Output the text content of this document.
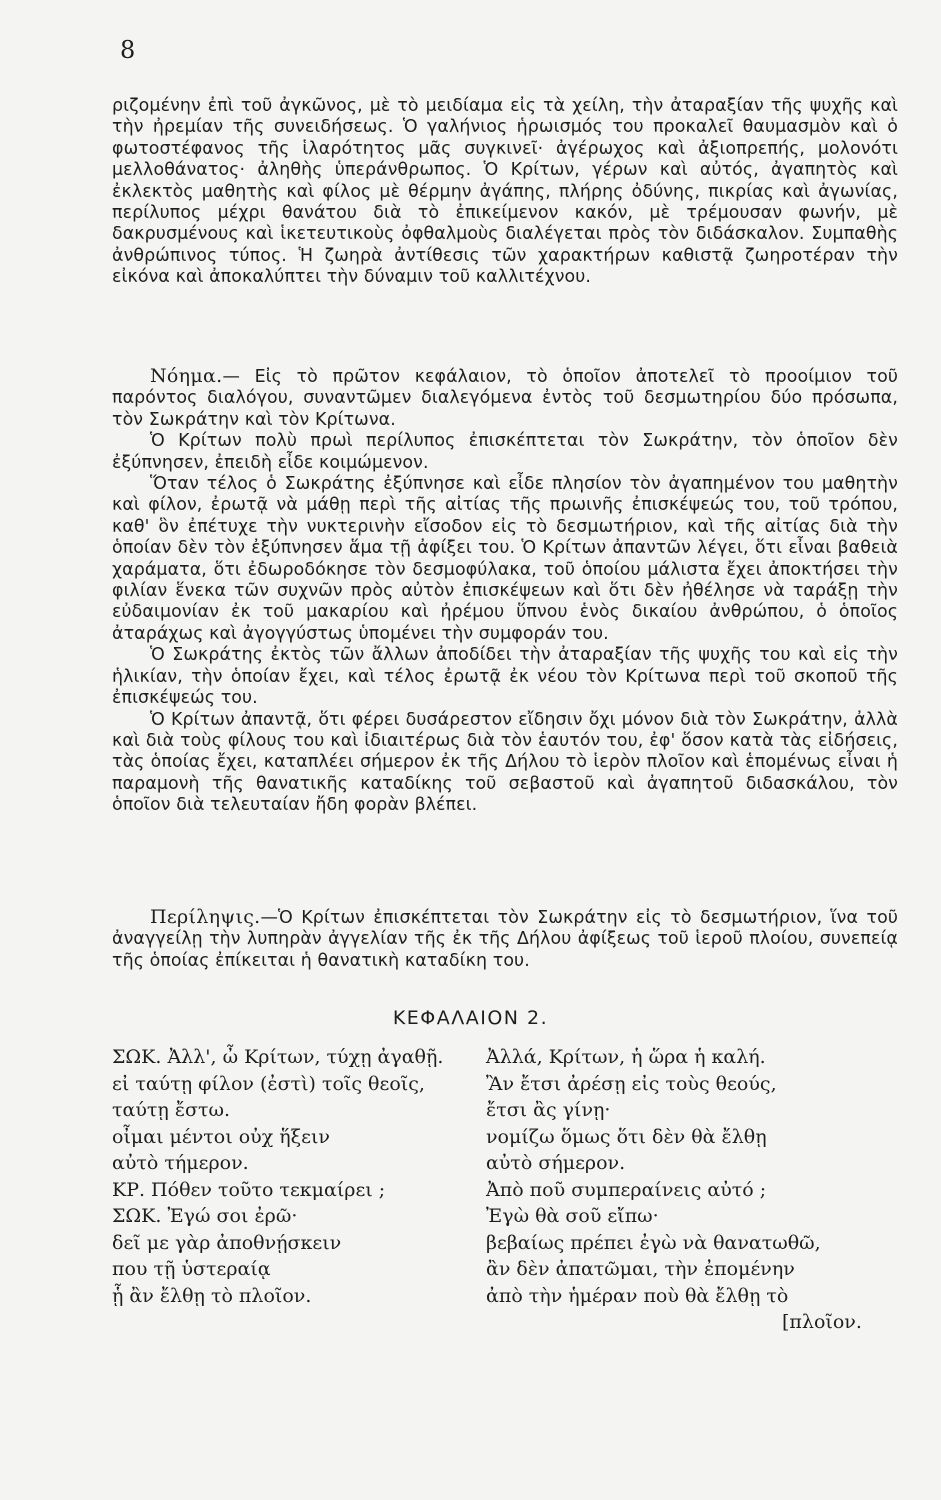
8

ριζομένην ἐπὶ τοῦ ἀγκῶνος, μὲ τὸ μειδίαμα εἰς τὰ χείλη, τὴν ἀταραξίαν τῆς ψυχῆς καὶ τὴν ἠρεμίαν τῆς συνειδήσεως. Ὁ γαλήνιος ἡρωισμός του προκαλεῖ θαυμασμὸν καὶ ὁ φωτοστέφανος τῆς ἱλαρότητος μᾶς συγκινεῖ· ἀγέρωχος καὶ ἀξιοπρεπής, μολονότι μελλοθάνατος· ἀληθὴς ὑπεράνθρωπος. Ὁ Κρίτων, γέρων καὶ αὐτός, ἀγαπητὸς καὶ ἐκλεκτὸς μαθητὴς καὶ φίλος μὲ θέρμην ἀγάπης, πλήρης ὀδύνης, πικρίας καὶ ἀγωνίας, περίλυπος μέχρι θανάτου διὰ τὸ ἐπικείμενον κακόν, μὲ τρέμουσαν φωνήν, μὲ δακρυσμένους καὶ ἱκετευτικοὺς ὀφθαλμοὺς διαλέγεται πρὸς τὸν διδάσκαλον. Συμπαθὴς ἀνθρώπινος τύπος. Ἡ ζωηρὰ ἀντίθεσις τῶν χαρακτήρων καθιστᾷ ζωηροτέραν τὴν εἰκόνα καὶ ἀποκαλύπτει τὴν δύναμιν τοῦ καλλιτέχνου.

Νόημα.— Εἰς τὸ πρῶτον κεφάλαιον, τὸ ὁποῖον ἀποτελεῖ τὸ προοίμιον τοῦ παρόντος διαλόγου, συναντῶμεν διαλεγόμενα ἐντὸς τοῦ δεσμωτηρίου δύο πρόσωπα, τὸν Σωκράτην καὶ τὸν Κρίτωνα.

Ὁ Κρίτων πολὺ πρωὶ περίλυπος ἐπισκέπτεται τὸν Σωκράτην, τὸν ὁποῖον δὲν ἐξύπνησεν, ἐπειδὴ εἶδε κοιμώμενον.

Ὅταν τέλος ὁ Σωκράτης ἐξύπνησε καὶ εἶδε πλησίον τὸν ἀγαπημένον του μαθητὴν καὶ φίλον, ἐρωτᾷ νὰ μάθῃ περὶ τῆς αἰτίας τῆς πρωινῆς ἐπισκέψεώς του, τοῦ τρόπου, καθ' ὃν ἐπέτυχε τὴν νυκτερινὴν εἴσοδον εἰς τὸ δεσμωτήριον, καὶ τῆς αἰτίας διὰ τὴν ὁποίαν δὲν τὸν ἐξύπνησεν ἅμα τῇ ἀφίξει του. Ὁ Κρίτων ἀπαντῶν λέγει, ὅτι εἶναι βαθειὰ χαράματα, ὅτι ἐδωροδόκησε τὸν δεσμοφύλακα, τοῦ ὁποίου μάλιστα ἔχει ἀποκτήσει τὴν φιλίαν ἕνεκα τῶν συχνῶν πρὸς αὐτὸν ἐπισκέψεων καὶ ὅτι δὲν ἠθέλησε νὰ ταράξῃ τὴν εὐδαιμονίαν ἐκ τοῦ μακαρίου καὶ ἠρέμου ὕπνου ἑνὸς δικαίου ἀνθρώπου, ὁ ὁποῖος ἀταράχως καὶ ἀγογγύστως ὑπομένει τὴν συμφοράν του.

Ὁ Σωκράτης ἐκτὸς τῶν ἄλλων ἀποδίδει τὴν ἀταραξίαν τῆς ψυχῆς του καὶ εἰς τὴν ἡλικίαν, τὴν ὁποίαν ἔχει, καὶ τέλος ἐρωτᾷ ἐκ νέου τὸν Κρίτωνα περὶ τοῦ σκοποῦ τῆς ἐπισκέψεώς του.

Ὁ Κρίτων ἀπαντᾷ, ὅτι φέρει δυσάρεστον εἴδησιν ὄχι μόνον διὰ τὸν Σωκράτην, ἀλλὰ καὶ διὰ τοὺς φίλους του καὶ ἰδιαιτέρως διὰ τὸν ἑαυτόν του, ἐφ' ὅσον κατὰ τὰς εἰδήσεις, τὰς ὁποίας ἔχει, καταπλέει σήμερον ἐκ τῆς Δήλου τὸ ἱερὸν πλοῖον καὶ ἑπομένως εἶναι ἡ παραμονὴ τῆς θανατικῆς καταδίκης τοῦ σεβαστοῦ καὶ ἀγαπητοῦ διδασκάλου, τὸν ὁποῖον διὰ τελευταίαν ἤδη φορὰν βλέπει.

Περίληψις.—Ὁ Κρίτων ἐπισκέπτεται τὸν Σωκράτην εἰς τὸ δεσμωτήριον, ἵνα τοῦ ἀναγγείλῃ τὴν λυπηρὰν ἀγγελίαν τῆς ἐκ τῆς Δήλου ἀφίξεως τοῦ ἱεροῦ πλοίου, συνεπείᾳ τῆς ὁποίας ἐπίκειται ἡ θανατικὴ καταδίκη του.

ΚΕΦΑΛΑΙΟΝ 2.
ΣΩΚ. Ἀλλ', ὦ Κρίτων, τύχῃ ἀγαθῇ.	Ἀλλά, Κρίτων, ἡ ὥρα ἡ καλή.
εἰ ταύτῃ φίλον (ἐστὶ) τοῖς θεοῖς,	Ἂν ἔτσι ἀρέσῃ εἰς τοὺς θεούς,
ταύτῃ ἔστω.	ἔτσι ἂς γίνῃ·
οἶμαι μέντοι οὐχ ἥξειν	νομίζω ὅμως ὅτι δὲν θὰ ἔλθῃ
αὐτὸ τήμερον.	αὐτὸ σήμερον.
ΚΡ. Πόθεν τοῦτο τεκμαίρει ;	Ἀπὸ ποῦ συμπεραίνεις αὐτό ;
ΣΩΚ. Ἐγώ σοι ἐρῶ·	Ἐγὼ θὰ σοῦ εἴπω·
δεῖ με γὰρ ἀποθνῄσκειν	βεβαίως πρέπει ἐγὼ νὰ θανατωθῶ,
που τῇ ὑστεραίᾳ	ἂν δὲν ἀπατῶμαι, τὴν ἐπομένην
ᾗ ἂν ἔλθῃ τὸ πλοῖον.	ἀπὸ τὴν ἡμέραν ποὺ θὰ ἔλθῃ τὸ
[πλοῖον.
